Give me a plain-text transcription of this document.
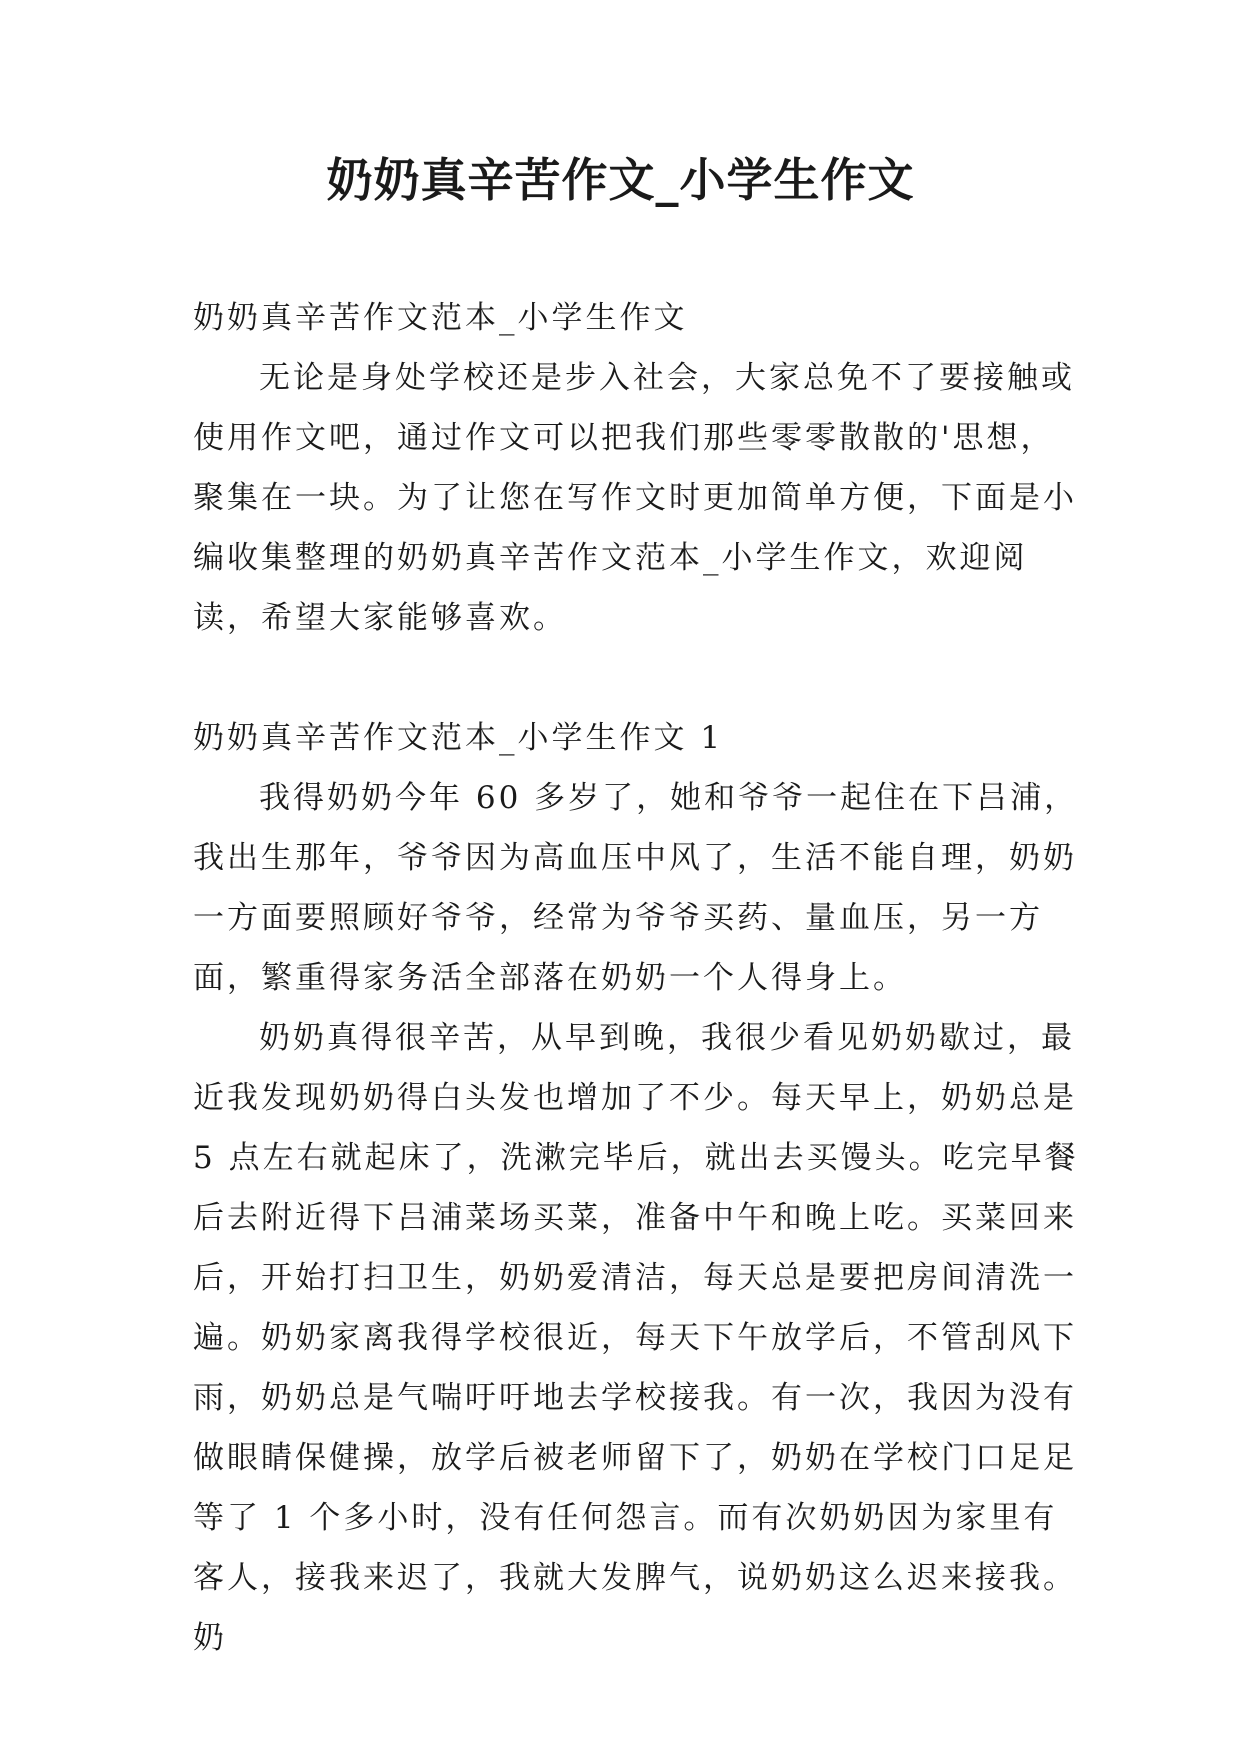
奶奶真辛苦作文_小学生作文

奶奶真辛苦作文范本_小学生作文

无论是身处学校还是步入社会，大家总免不了要接触或使用作文吧，通过作文可以把我们那些零零散散的'思想，聚集在一块。为了让您在写作文时更加简单方便，下面是小编收集整理的奶奶真辛苦作文范本_小学生作文，欢迎阅读，希望大家能够喜欢。

奶奶真辛苦作文范本_小学生作文 1

我得奶奶今年 60 多岁了，她和爷爷一起住在下吕浦，我出生那年，爷爷因为高血压中风了，生活不能自理，奶奶一方面要照顾好爷爷，经常为爷爷买药、量血压，另一方面，繁重得家务活全部落在奶奶一个人得身上。

奶奶真得很辛苦，从早到晚，我很少看见奶奶歇过，最近我发现奶奶得白头发也增加了不少。每天早上，奶奶总是 5 点左右就起床了，洗漱完毕后，就出去买馒头。吃完早餐后去附近得下吕浦菜场买菜，准备中午和晚上吃。买菜回来后，开始打扫卫生，奶奶爱清洁，每天总是要把房间清洗一遍。奶奶家离我得学校很近，每天下午放学后，不管刮风下雨，奶奶总是气喘吁吁地去学校接我。有一次，我因为没有做眼睛保健操，放学后被老师留下了，奶奶在学校门口足足等了 1 个多小时，没有任何怨言。而有次奶奶因为家里有客人，接我来迟了，我就大发脾气，说奶奶这么迟来接我。奶
